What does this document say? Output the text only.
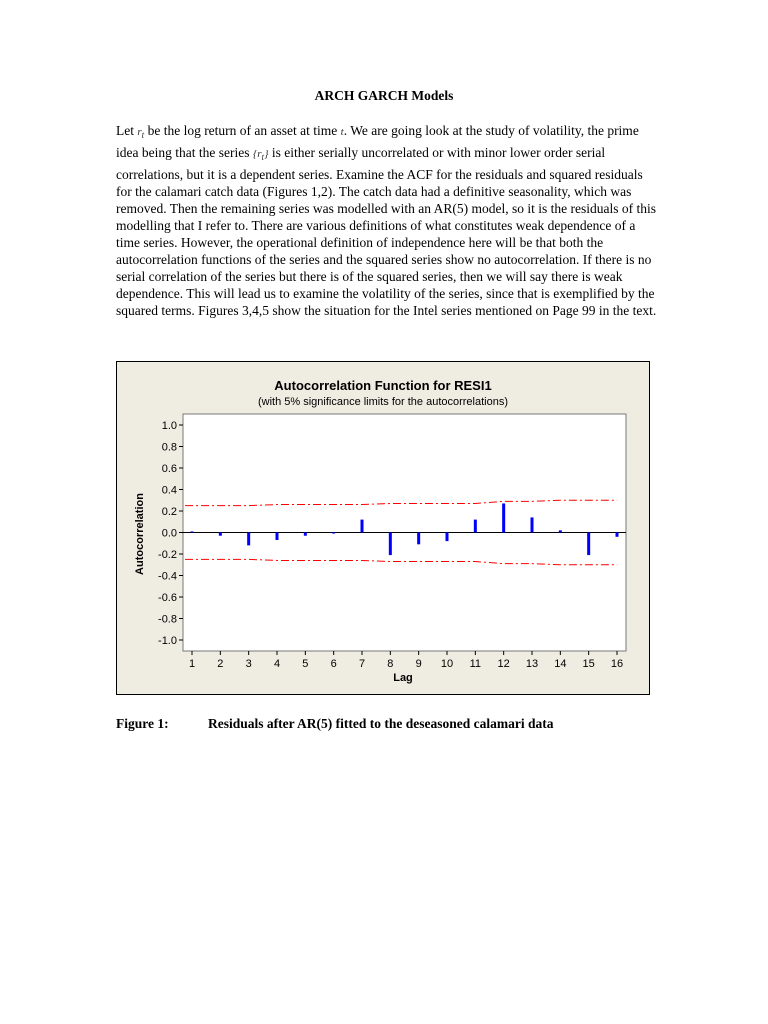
ARCH GARCH Models
Let $r_t$ be the log return of an asset at time t. We are going look at the study of volatility, the prime idea being that the series $\{r_t\}$ is either serially uncorrelated or with minor lower order serial correlations, but it is a dependent series. Examine the ACF for the residuals and squared residuals for the calamari catch data (Figures 1,2). The catch data had a definitive seasonality, which was removed. Then the remaining series was modelled with an AR(5) model, so it is the residuals of this modelling that I refer to. There are various definitions of what constitutes weak dependence of a time series. However, the operational definition of independence here will be that both the autocorrelation functions of the series and the squared series show no autocorrelation. If there is no serial correlation of the series but there is of the squared series, then we will say there is weak dependence. This will lead us to examine the volatility of the series, since that is exemplified by the squared terms. Figures 3,4,5 show the situation for the Intel series mentioned on Page 99 in the text.
Autocorrelation Function for RESI1
(with 5% significance limits for the autocorrelations)
1.0
0.8
0.6
0.4
0.2
0.0
-0.2
-0.4
-0.6
-0.8
-1.0
1 2 3 4 5 6 7 8 9 10 11 12 13 14 15 16
Autocorrelation
Lag
Figure 1:	Residuals after AR(5) fitted to the deseasoned calamari data
